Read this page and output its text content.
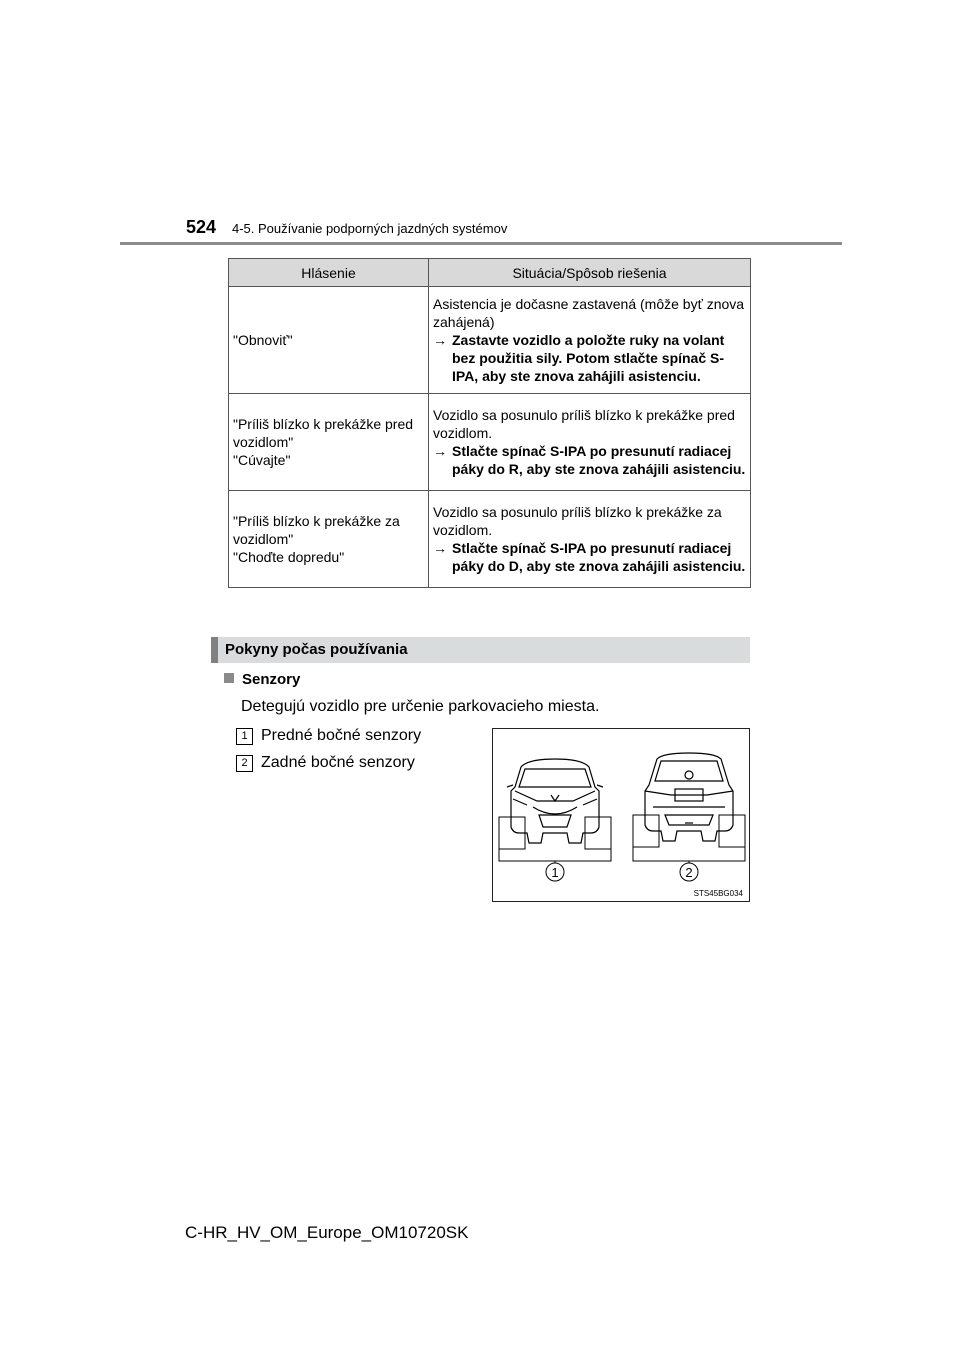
524 4-5. Používanie podporných jazdných systémov
Hlásenie	Situácia/Spôsob riešenia

"Obnoviť"	Asistencia je dočasne zastavená (môže byť znova zahájená)
→ Zastavte vozidlo a položte ruky na volant bez použitia sily. Potom stlačte spínač S-IPA, aby ste znova zahájili asistenciu.

"Príliš blízko k prekážke pred vozidlom"
"Cúvajte"	Vozidlo sa posunulo príliš blízko k prekážke pred vozidlom.
→ Stlačte spínač S-IPA po presunutí radiacej páky do R, aby ste znova zahájili asistenciu.

"Príliš blízko k prekážke za vozidlom"
"Choďte dopredu"	Vozidlo sa posunulo príliš blízko k prekážke za vozidlom.
→ Stlačte spínač S-IPA po presunutí radiacej páky do D, aby ste znova zahájili asistenciu.
Pokyny počas používania
Senzory
Detegujú vozidlo pre určenie parkovacieho miesta.
1 Predné bočné senzory
2 Zadné bočné senzory
1	2
STS45BG034
C-HR_HV_OM_Europe_OM10720SK
